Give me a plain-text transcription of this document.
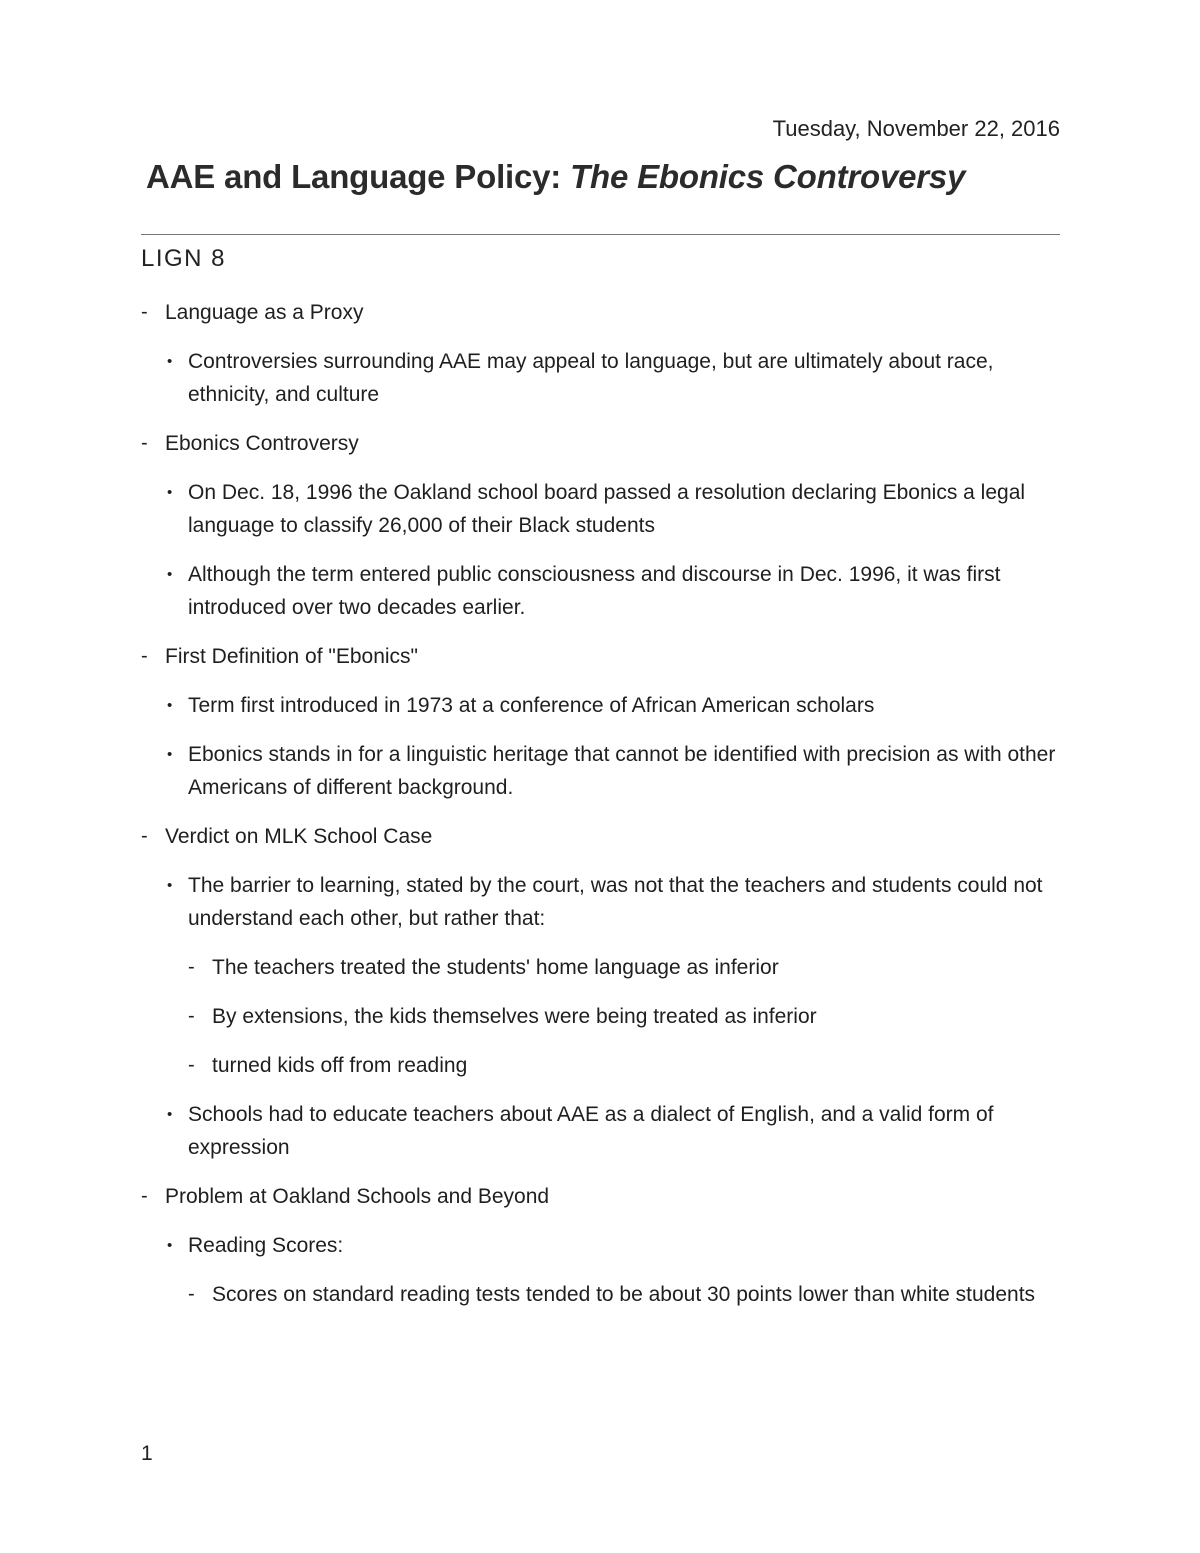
Tuesday, November 22, 2016
AAE and Language Policy: The Ebonics Controversy
LIGN 8
- Language as a Proxy
• Controversies surrounding AAE may appeal to language, but are ultimately about race, ethnicity, and culture
- Ebonics Controversy
• On Dec. 18, 1996 the Oakland school board passed a resolution declaring Ebonics a legal language to classify 26,000 of their Black students
• Although the term entered public consciousness and discourse in Dec. 1996, it was first introduced over two decades earlier.
- First Definition of "Ebonics"
• Term first introduced in 1973 at a conference of African American scholars
• Ebonics stands in for a linguistic heritage that cannot be identified with precision as with other Americans of different background.
- Verdict on MLK School Case
• The barrier to learning, stated by the court, was not that the teachers and students could not understand each other, but rather that:
- The teachers treated the students' home language as inferior
- By extensions, the kids themselves were being treated as inferior
- turned kids off from reading
• Schools had to educate teachers about AAE as a dialect of English, and a valid form of expression
- Problem at Oakland Schools and Beyond
• Reading Scores:
- Scores on standard reading tests tended to be about 30 points lower than white students
1
